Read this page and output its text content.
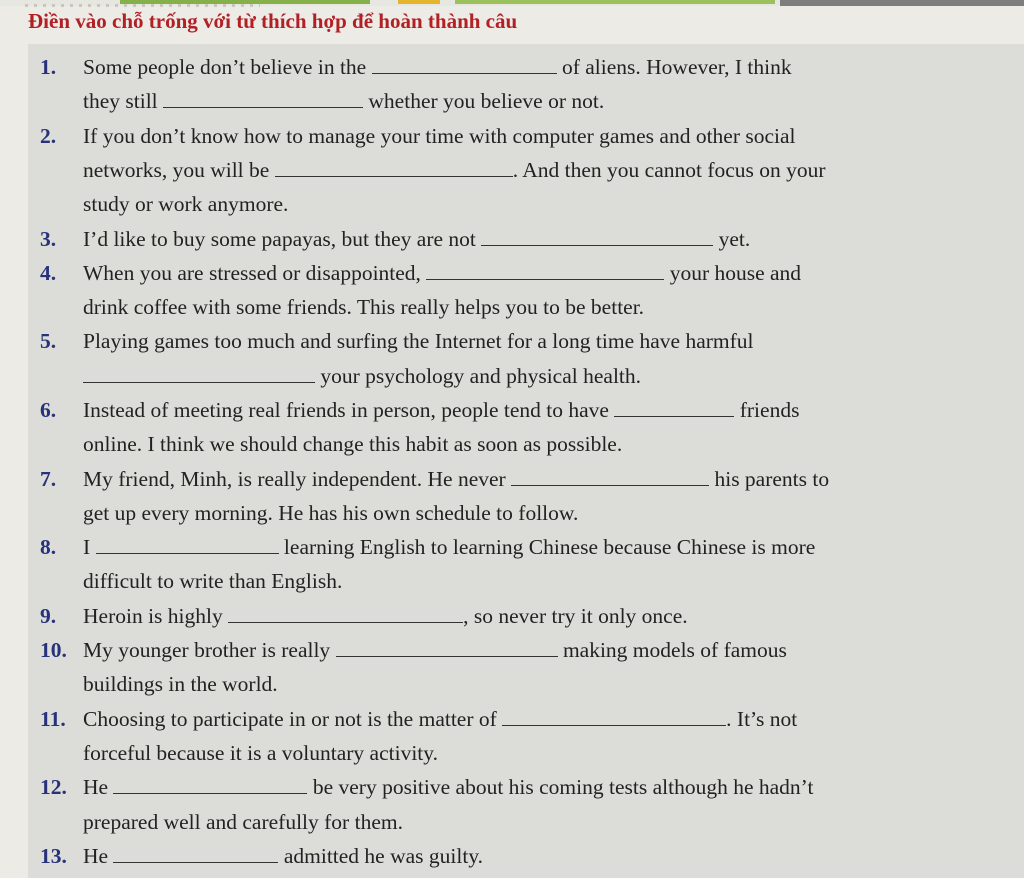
Điền vào chỗ trống với từ thích hợp để hoàn thành câu
1. Some people don’t believe in the	of aliens. However, I think
they still	whether you believe or not.
2. If you don’t know how to manage your time with computer games and other social
networks, you will be	. And then you cannot focus on your
study or work anymore.
3. I’d like to buy some papayas, but they are not	yet.
4. When you are stressed or disappointed,	your house and
drink coffee with some friends. This really helps you to be better.
5. Playing games too much and surfing the Internet for a long time have harmful
your psychology and physical health.
6. Instead of meeting real friends in person, people tend to have	friends
online. I think we should change this habit as soon as possible.
7. My friend, Minh, is really independent. He never	his parents to
get up every morning. He has his own schedule to follow.
8. I	learning English to learning Chinese because Chinese is more
difficult to write than English.
9. Heroin is highly	, so never try it only once.
10. My younger brother is really	making models of famous
buildings in the world.
11. Choosing to participate in or not is the matter of	. It’s not
forceful because it is a voluntary activity.
12. He	be very positive about his coming tests although he hadn’t
prepared well and carefully for them.
13. He	admitted he was guilty.
